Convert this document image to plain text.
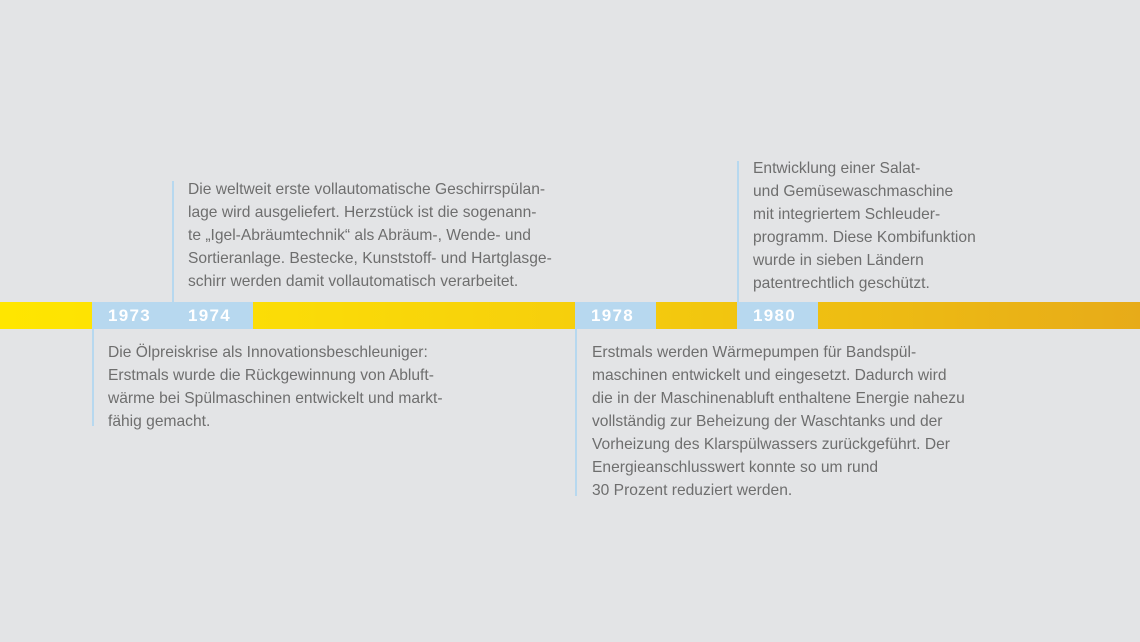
1973	1974	1978	1980
Die weltweit erste vollautomatische Geschirrspülan-
lage wird ausgeliefert. Herzstück ist die sogenann-
te „Igel-Abräumtechnik“ als Abräum-, Wende- und
Sortieranlage. Bestecke, Kunststoff- und Hartglasge-
schirr werden damit vollautomatisch verarbeitet.
Entwicklung einer Salat-
und Gemüsewaschmaschine
mit integriertem Schleuder-
programm. Diese Kombifunktion
wurde in sieben Ländern
patentrechtlich geschützt.
Die Ölpreiskrise als Innovationsbeschleuniger:
Erstmals wurde die Rückgewinnung von Abluft-
wärme bei Spülmaschinen entwickelt und markt-
fähig gemacht.
Erstmals werden Wärmepumpen für Bandspül-
maschinen entwickelt und eingesetzt. Dadurch wird
die in der Maschinenabluft enthaltene Energie nahezu
vollständig zur Beheizung der Waschtanks und der
Vorheizung des Klarspülwassers zurückgeführt. Der
Energieanschlusswert konnte so um rund
30 Prozent reduziert werden.
